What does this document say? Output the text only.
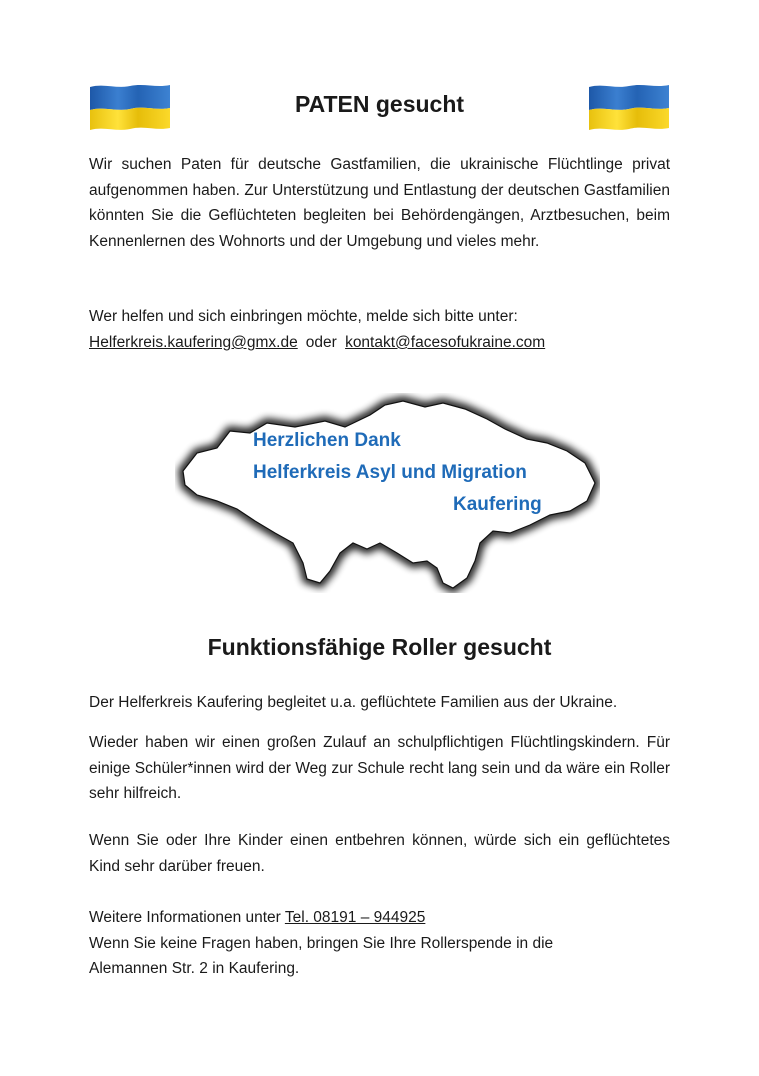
PATEN gesucht

Wir suchen Paten für deutsche Gastfamilien, die ukrainische Flüchtlinge privat aufgenommen haben. Zur Unterstützung und Entlastung der deutschen Gastfamilien könnten Sie die Geflüchteten begleiten bei Behördengängen, Arztbesuchen, beim Kennenlernen des Wohnorts und der Umgebung und vieles mehr.

Wer helfen und sich einbringen möchte, melde sich bitte unter:

Helferkreis.kaufering@gmx.de oder kontakt@facesofukraine.com

Herzlichen Dank

Helferkreis Asyl und Migration

Kaufering

Funktionsfähige Roller gesucht

Der Helferkreis Kaufering begleitet u.a. geflüchtete Familien aus der Ukraine.

Wieder haben wir einen großen Zulauf an schulpflichtigen Flüchtlingskindern. Für einige Schüler*innen wird der Weg zur Schule recht lang sein und da wäre ein Roller sehr hilfreich.

Wenn Sie oder Ihre Kinder einen entbehren können, würde sich ein geflüchtetes Kind sehr darüber freuen.

Weitere Informationen unter Tel. 08191 – 944925
Wenn Sie keine Fragen haben, bringen Sie Ihre Rollerspende in die
Alemannen Str. 2 in Kaufering.
